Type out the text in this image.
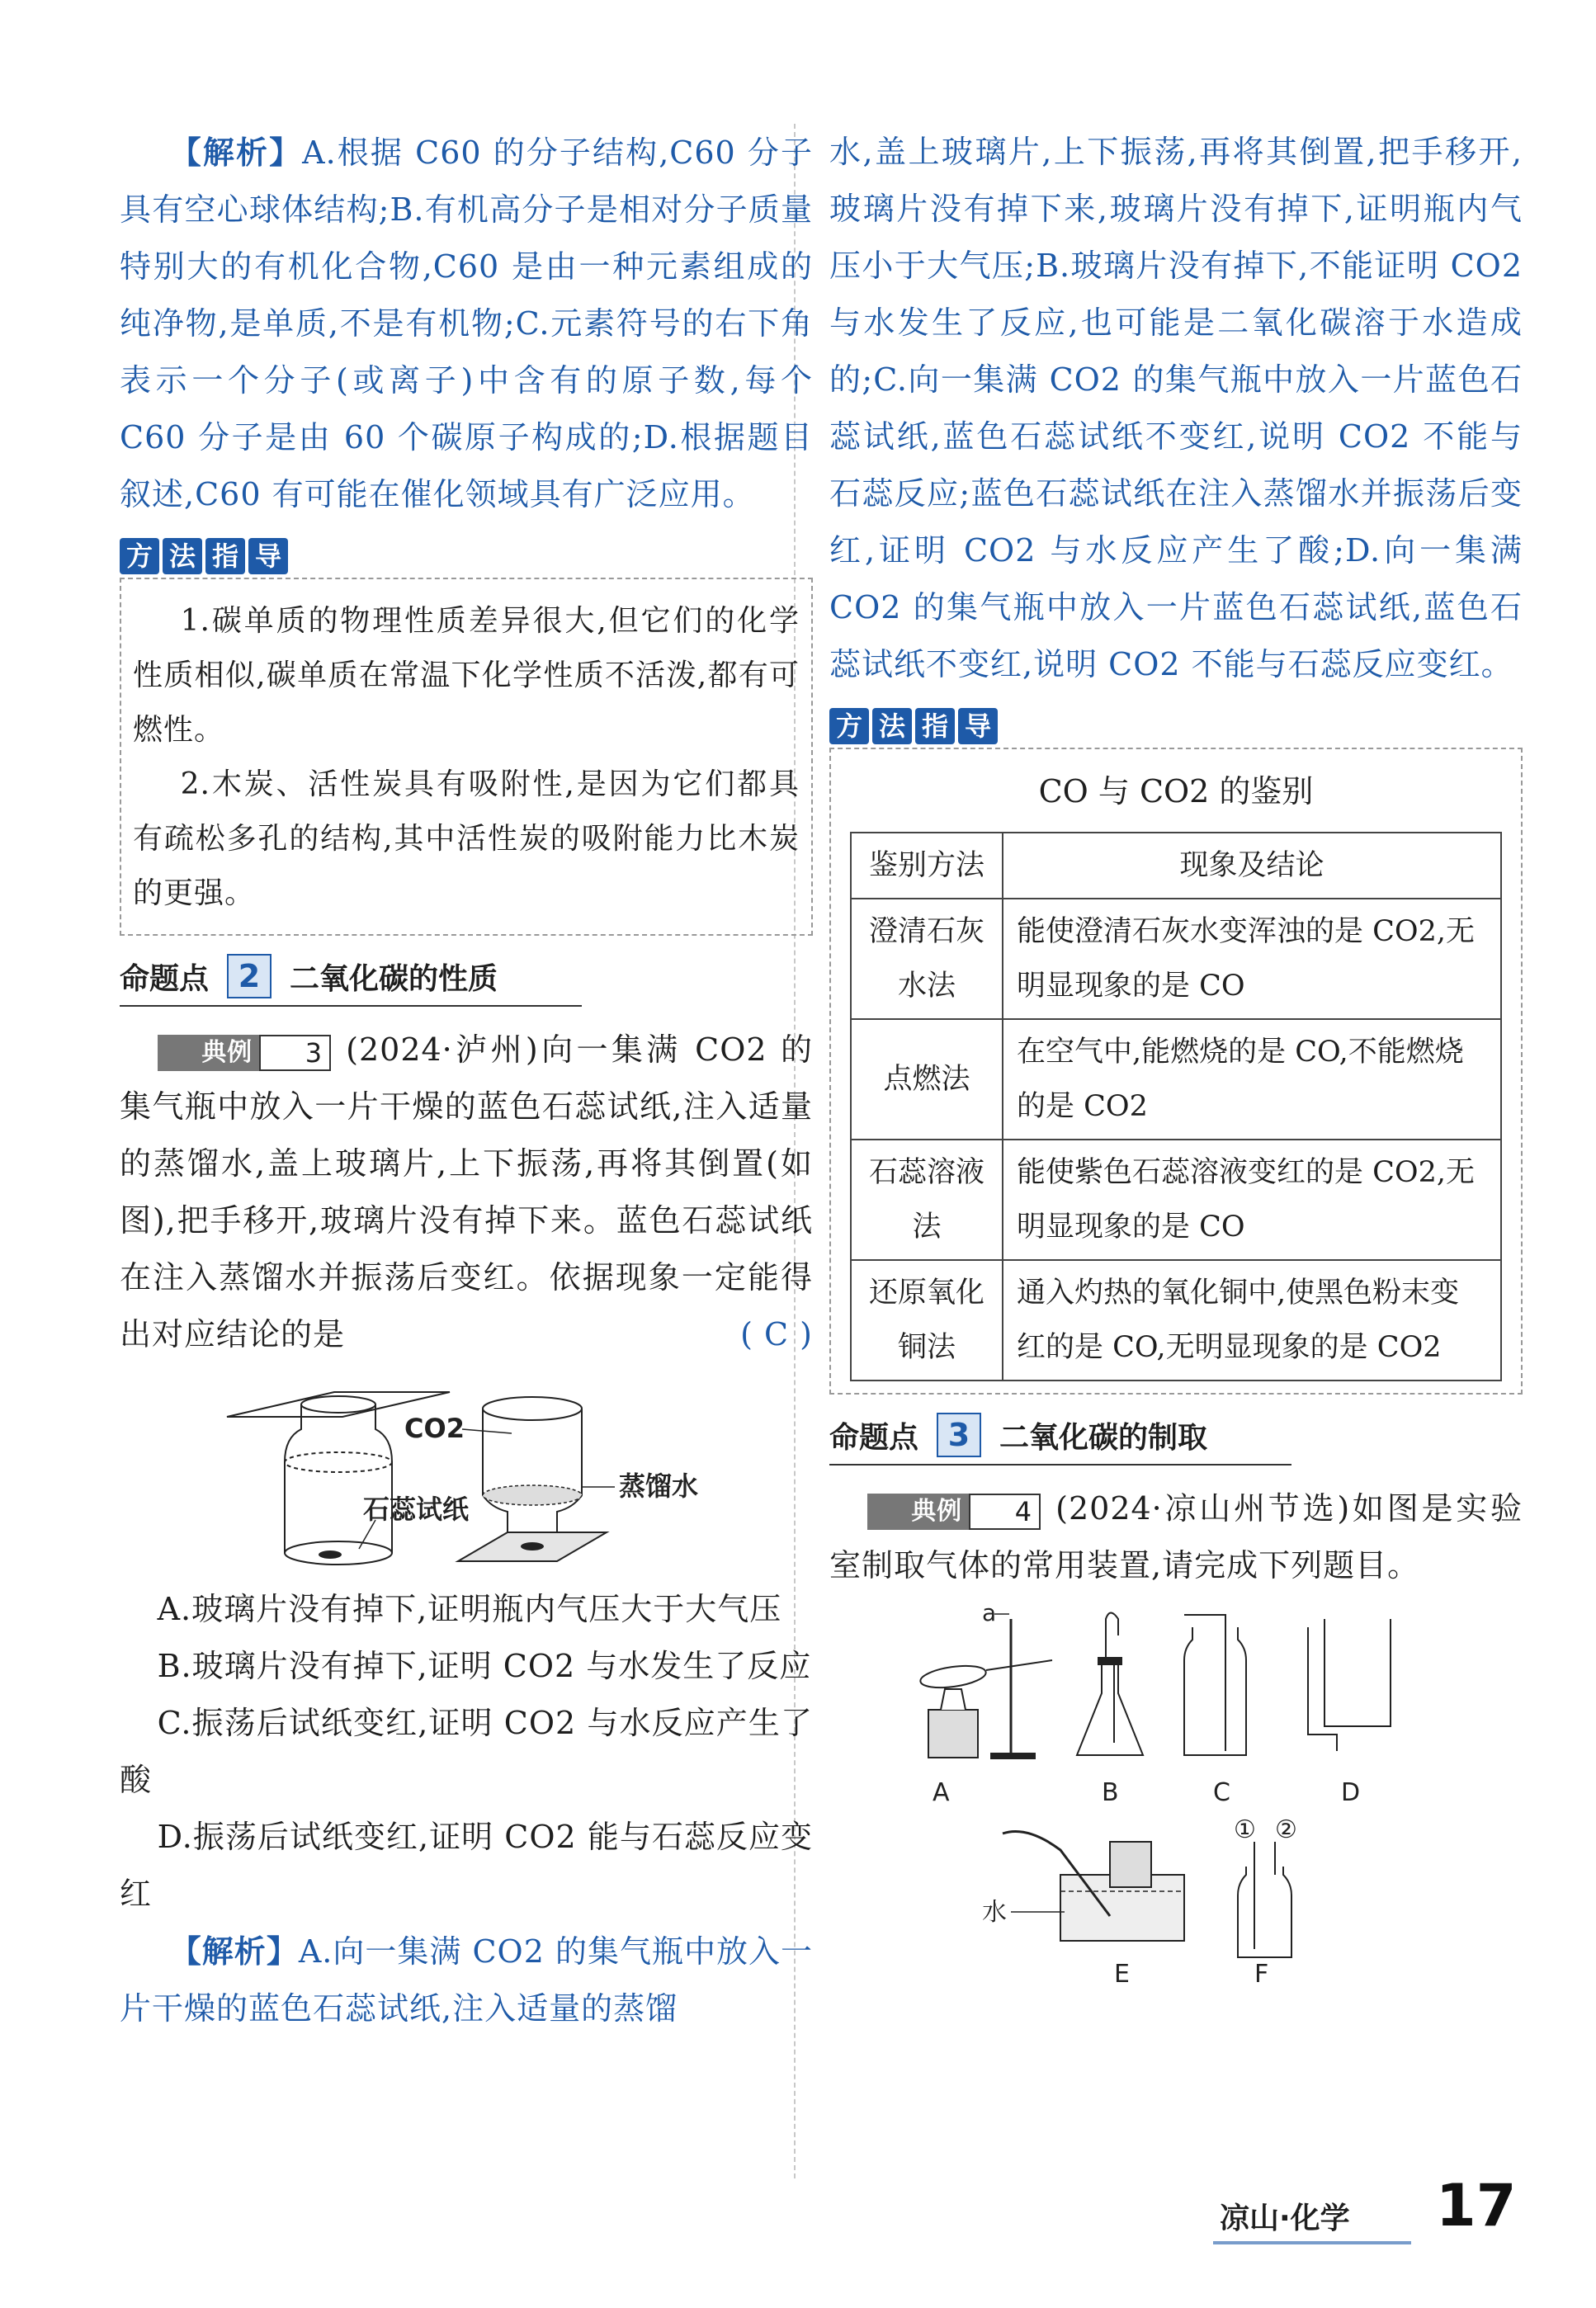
【解析】A.根据 C60 的分子结构,C60 分子具有空心球体结构;B.有机高分子是相对分子质量特别大的有机化合物,C60 是由一种元素组成的纯净物,是单质,不是有机物;C.元素符号的右下角表示一个分子(或离子)中含有的原子数,每个 C60 分子是由 60 个碳原子构成的;D.根据题目叙述,C60 有可能在催化领域具有广泛应用。

方 法 指 导

1.碳单质的物理性质差异很大,但它们的化学性质相似,碳单质在常温下化学性质不活泼,都有可燃性。

2.木炭、活性炭具有吸附性,是因为它们都具有疏松多孔的结构,其中活性炭的吸附能力比木炭的更强。

命题点 2 二氧化碳的性质

典例 3 (2024·泸州)向一集满 CO2 的集气瓶中放入一片干燥的蓝色石蕊试纸,注入适量的蒸馏水,盖上玻璃片,上下振荡,再将其倒置(如图),把手移开,玻璃片没有掉下来。蓝色石蕊试纸在注入蒸馏水并振荡后变红。依据现象一定能得出对应结论的是	( C )

CO2
蒸馏水
石蕊试纸

A.玻璃片没有掉下,证明瓶内气压大于大气压

B.玻璃片没有掉下,证明 CO2 与水发生了反应

C.振荡后试纸变红,证明 CO2 与水反应产生了酸

D.振荡后试纸变红,证明 CO2 能与石蕊反应变红

【解析】A.向一集满 CO2 的集气瓶中放入一片干燥的蓝色石蕊试纸,注入适量的蒸馏

水,盖上玻璃片,上下振荡,再将其倒置,把手移开,玻璃片没有掉下来,玻璃片没有掉下,证明瓶内气压小于大气压;B.玻璃片没有掉下,不能证明 CO2 与水发生了反应,也可能是二氧化碳溶于水造成的;C.向一集满 CO2 的集气瓶中放入一片蓝色石蕊试纸,蓝色石蕊试纸不变红,说明 CO2 不能与石蕊反应;蓝色石蕊试纸在注入蒸馏水并振荡后变红,证明 CO2 与水反应产生了酸;D.向一集满 CO2 的集气瓶中放入一片蓝色石蕊试纸,蓝色石蕊试纸不变红,说明 CO2 不能与石蕊反应变红。

方 法 指 导
CO 与 CO2 的鉴别
鉴别方法	现象及结论
澄清石灰水法	能使澄清石灰水变浑浊的是 CO2,无明显现象的是 CO
点燃法	在空气中,能燃烧的是 CO,不能燃烧的是 CO2
石蕊溶液法	能使紫色石蕊溶液变红的是 CO2,无明显现象的是 CO
还原氧化铜法	通入灼热的氧化铜中,使黑色粉末变红的是 CO,无明显现象的是 CO2
命题点 3 二氧化碳的制取

典例 4 (2024·凉山州节选)如图是实验室制取气体的常用装置,请完成下列题目。

a
A	B	C	D
水
① ②
E	F
凉山·化学 17
